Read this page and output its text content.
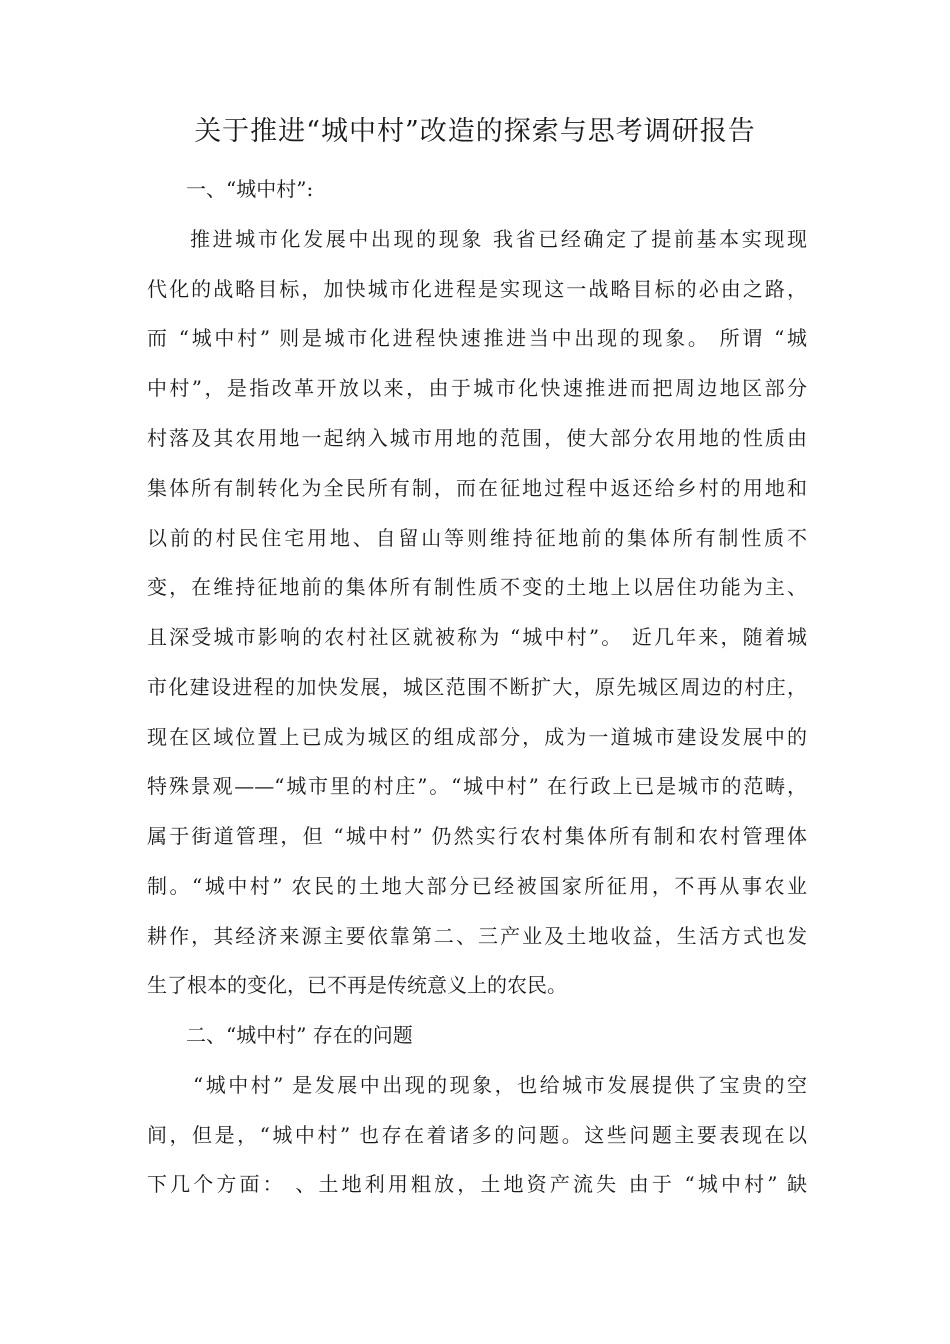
关于推进“城中村”改造的探索与思考调研报告
一、“城中村”:
推进城市化发展中出现的现象 我省已经确定了提前基本实现现
代化的战略目标，加快城市化进程是实现这一战略目标的必由之路，
而 “城中村” 则是城市化进程快速推进当中出现的现象。 所谓 “城
中村”，是指改革开放以来，由于城市化快速推进而把周边地区部分
村落及其农用地一起纳入城市用地的范围，使大部分农用地的性质由
集体所有制转化为全民所有制，而在征地过程中返还给乡村的用地和
以前的村民住宅用地、自留山等则维持征地前的集体所有制性质不
变，在维持征地前的集体所有制性质不变的土地上以居住功能为主、
且深受城市影响的农村社区就被称为 “城中村”。 近几年来，随着城
市化建设进程的加快发展，城区范围不断扩大，原先城区周边的村庄，
现在区域位置上已成为城区的组成部分，成为一道城市建设发展中的
特殊景观——“城市里的村庄”。“城中村” 在行政上已是城市的范畴，
属于街道管理，但 “城中村” 仍然实行农村集体所有制和农村管理体
制。“城中村” 农民的土地大部分已经被国家所征用，不再从事农业
耕作，其经济来源主要依靠第二、三产业及土地收益，生活方式也发
生了根本的变化，已不再是传统意义上的农民。
二、“城中村” 存在的问题
“城中村” 是发展中出现的现象，也给城市发展提供了宝贵的空
间，但是，“城中村” 也存在着诸多的问题。这些问题主要表现在以
下几个方面： 、土地利用粗放，土地资产流失 由于 “城中村” 缺
